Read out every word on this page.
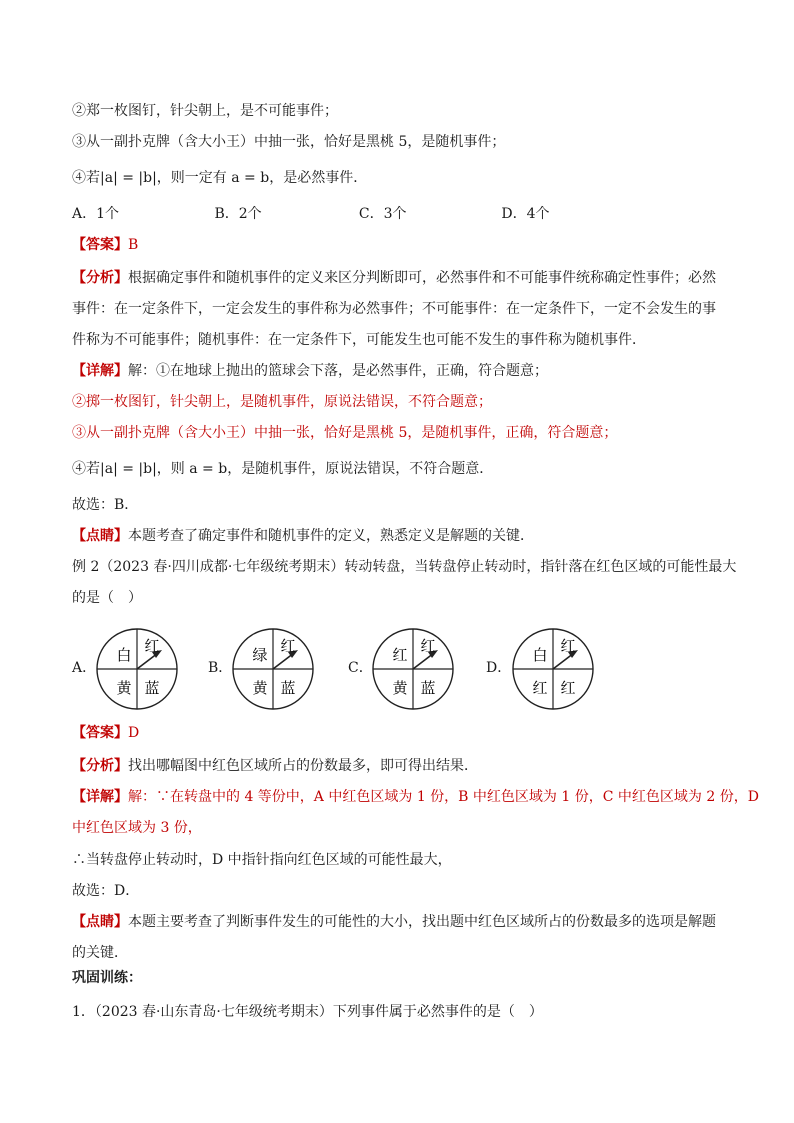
②郑一枚图钉，针尖朝上，是不可能事件；
③从一副扑克牌（含大小王）中抽一张，恰好是黑桃 5，是随机事件；
④若|a| = |b|，则一定有 a = b，是必然事件．
A．1个	B．2个	C．3个	D．4个
【答案】B
【分析】根据确定事件和随机事件的定义来区分判断即可，必然事件和不可能事件统称确定性事件；必然
事件：在一定条件下，一定会发生的事件称为必然事件；不可能事件：在一定条件下，一定不会发生的事
件称为不可能事件；随机事件：在一定条件下，可能发生也可能不发生的事件称为随机事件．
【详解】解：①在地球上抛出的篮球会下落，是必然事件，正确，符合题意；
②掷一枚图钉，针尖朝上，是随机事件，原说法错误，不符合题意；
③从一副扑克牌（含大小王）中抽一张，恰好是黑桃 5，是随机事件，正确，符合题意；
④若|a| = |b|，则 a = b，是随机事件，原说法错误，不符合题意．
故选：B．
【点睛】本题考查了确定事件和随机事件的定义，熟悉定义是解题的关键．
例 2（2023 春·四川成都·七年级统考期末）转动转盘，当转盘停止转动时，指针落在红色区域的可能性最大
的是（　）
A．
白 红
黄 蓝
B．
绿 红
黄 蓝
C．
红 红
黄 蓝
D．
白 红
红 红
【答案】D
【分析】找出哪幅图中红色区域所占的份数最多，即可得出结果．
【详解】解：∵在转盘中的 4 等份中，A 中红色区域为 1 份，B 中红色区域为 1 份，C 中红色区域为 2 份，D
中红色区域为 3 份，
∴当转盘停止转动时，D 中指针指向红色区域的可能性最大，
故选：D．
【点睛】本题主要考查了判断事件发生的可能性的大小，找出题中红色区域所占的份数最多的选项是解题
的关键．
巩固训练：
1．（2023 春·山东青岛·七年级统考期末）下列事件属于必然事件的是（　）
